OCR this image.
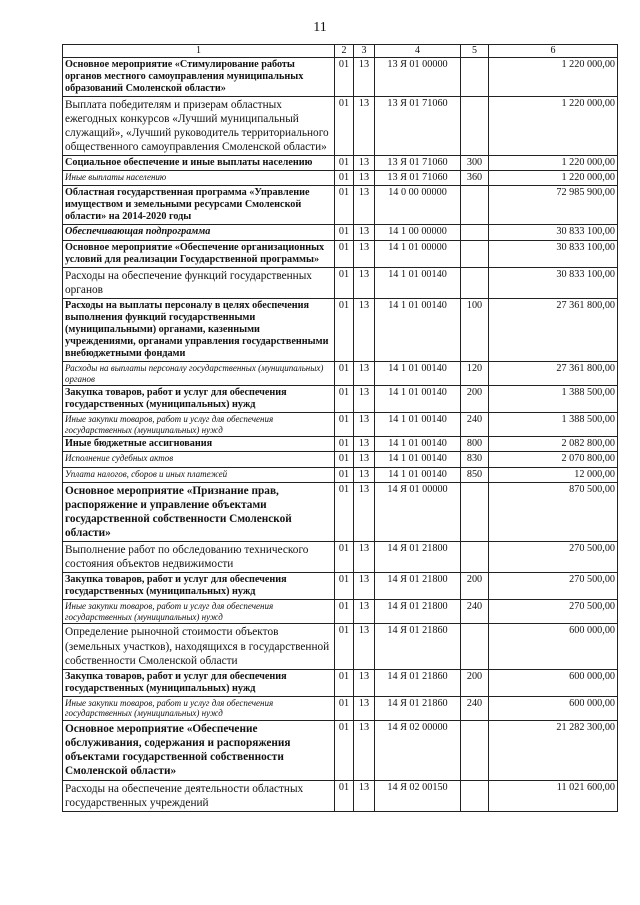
11
1	2	3	4	5	6
Основное мероприятие «Стимулирование работы органов местного самоуправления муниципальных образований Смоленской области»	01	13	13 Я 01 00000		1 220 000,00
Выплата победителям и призерам областных ежегодных конкурсов «Лучший муниципальный служащий», «Лучший руководитель территориального общественного самоуправления Смоленской области»	01	13	13 Я 01 71060		1 220 000,00
Социальное обеспечение и иные выплаты населению	01	13	13 Я 01 71060	300	1 220 000,00
Иные выплаты населению	01	13	13 Я 01 71060	360	1 220 000,00
Областная государственная программа «Управление имуществом и земельными ресурсами Смоленской области» на 2014-2020 годы	01	13	14 0 00 00000		72 985 900,00
Обеспечивающая подпрограмма	01	13	14 1 00 00000		30 833 100,00
Основное мероприятие «Обеспечение организационных условий для реализации Государственной программы»	01	13	14 1 01 00000		30 833 100,00
Расходы на обеспечение функций государственных органов	01	13	14 1 01 00140		30 833 100,00
Расходы на выплаты персоналу в целях обеспечения выполнения функций государственными (муниципальными) органами, казенными учреждениями, органами управления государственными внебюджетными фондами	01	13	14 1 01 00140	100	27 361 800,00
Расходы на выплаты персоналу государственных (муниципальных) органов	01	13	14 1 01 00140	120	27 361 800,00
Закупка товаров, работ и услуг для обеспечения государственных (муниципальных) нужд	01	13	14 1 01 00140	200	1 388 500,00
Иные закупки товаров, работ и услуг для обеспечения государственных (муниципальных) нужд	01	13	14 1 01 00140	240	1 388 500,00
Иные бюджетные ассигнования	01	13	14 1 01 00140	800	2 082 800,00
Исполнение судебных актов	01	13	14 1 01 00140	830	2 070 800,00
Уплата налогов, сборов и иных платежей	01	13	14 1 01 00140	850	12 000,00
Основное мероприятие «Признание прав, распоряжение и управление объектами государственной собственности Смоленской области»	01	13	14 Я 01 00000		870 500,00
Выполнение работ по обследованию технического состояния объектов недвижимости	01	13	14 Я 01 21800		270 500,00
Закупка товаров, работ и услуг для обеспечения государственных (муниципальных) нужд	01	13	14 Я 01 21800	200	270 500,00
Иные закупки товаров, работ и услуг для обеспечения государственных (муниципальных) нужд	01	13	14 Я 01 21800	240	270 500,00
Определение рыночной стоимости объектов (земельных участков), находящихся в государственной собственности Смоленской области	01	13	14 Я 01 21860		600 000,00
Закупка товаров, работ и услуг для обеспечения государственных (муниципальных) нужд	01	13	14 Я 01 21860	200	600 000,00
Иные закупки товаров, работ и услуг для обеспечения государственных (муниципальных) нужд	01	13	14 Я 01 21860	240	600 000,00
Основное мероприятие «Обеспечение обслуживания, содержания и распоряжения объектами государственной собственности Смоленской области»	01	13	14 Я 02 00000		21 282 300,00
Расходы на обеспечение деятельности областных государственных учреждений	01	13	14 Я 02 00150		11 021 600,00
